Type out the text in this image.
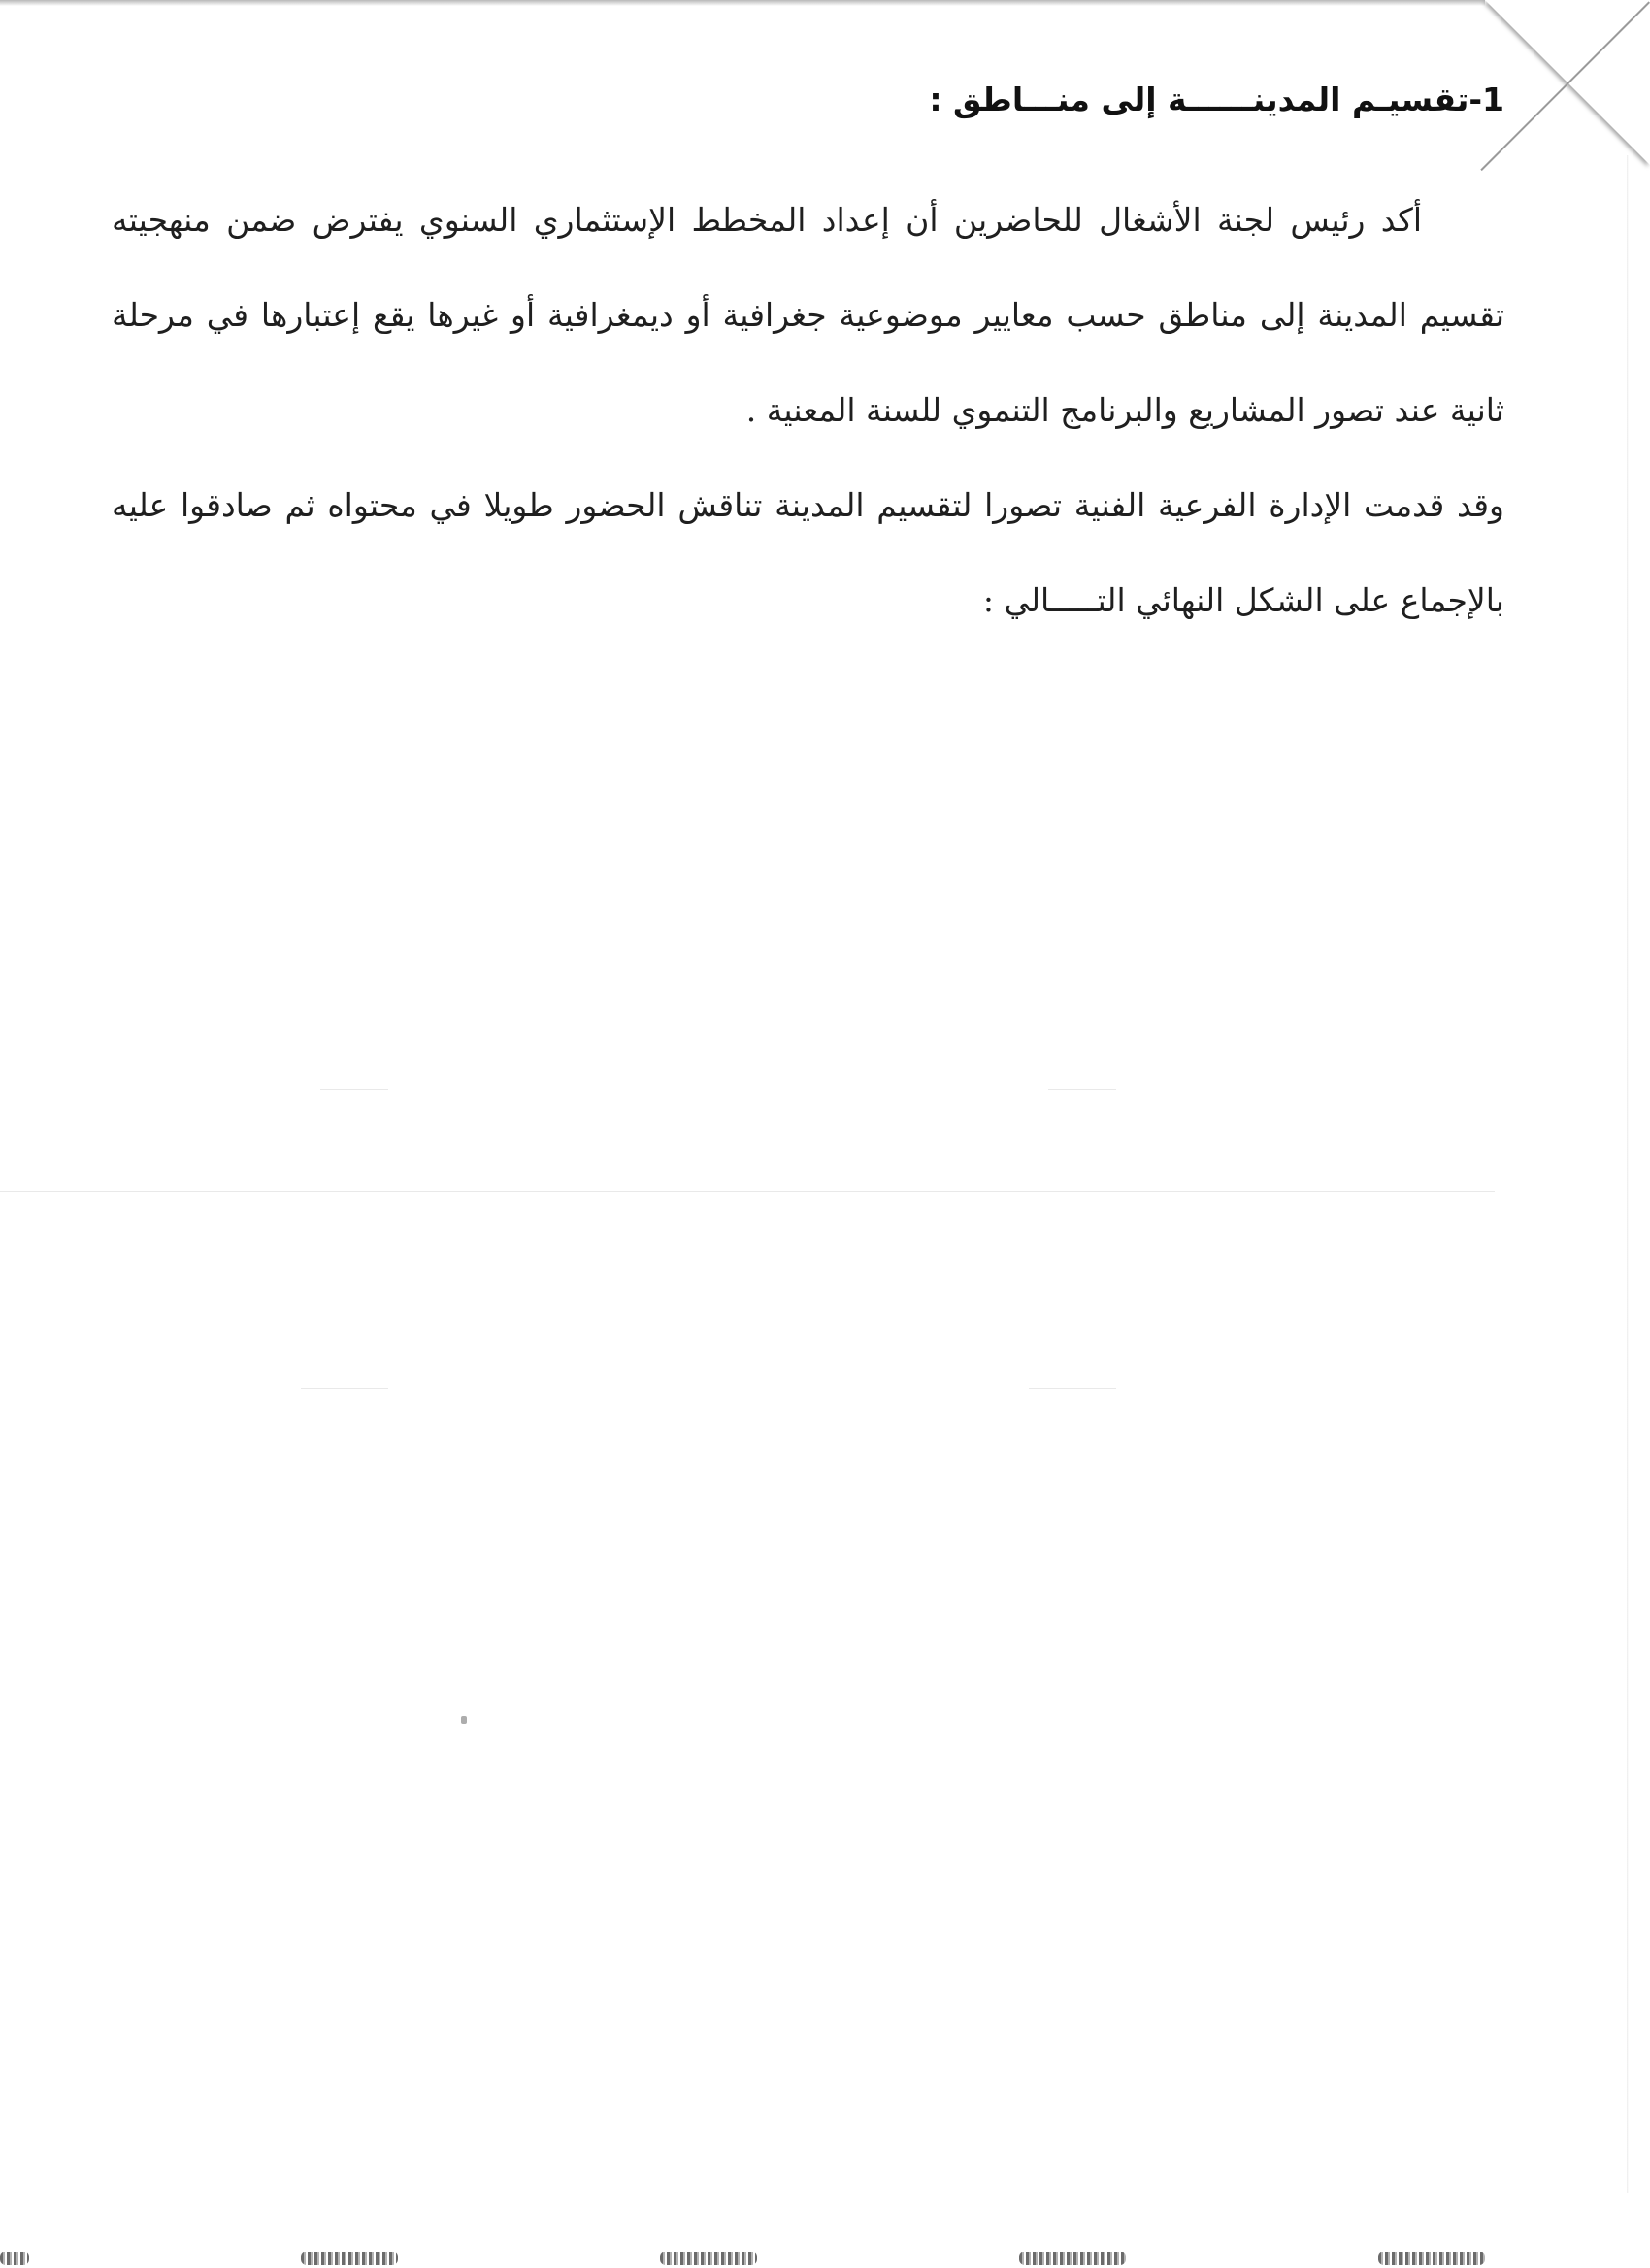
1-تقسيـم المدينــــــة إلى منـــاطق :

أكد رئيس لجنة الأشغال للحاضرين أن إعداد المخطط الإستثماري السنوي يفترض ضمن منهجيته تقسيم المدينة إلى مناطق حسب معايير موضوعية جغرافية أو ديمغرافية أو غيرها يقع إعتبارها في مرحلة ثانية عند تصور المشاريع والبرنامج التنموي للسنة المعنية .

وقد قدمت الإدارة الفرعية الفنية تصورا لتقسيم المدينة تناقش الحضور طويلا في محتواه ثم صادقوا عليه بالإجماع على الشكل النهائي التـــــالي :
